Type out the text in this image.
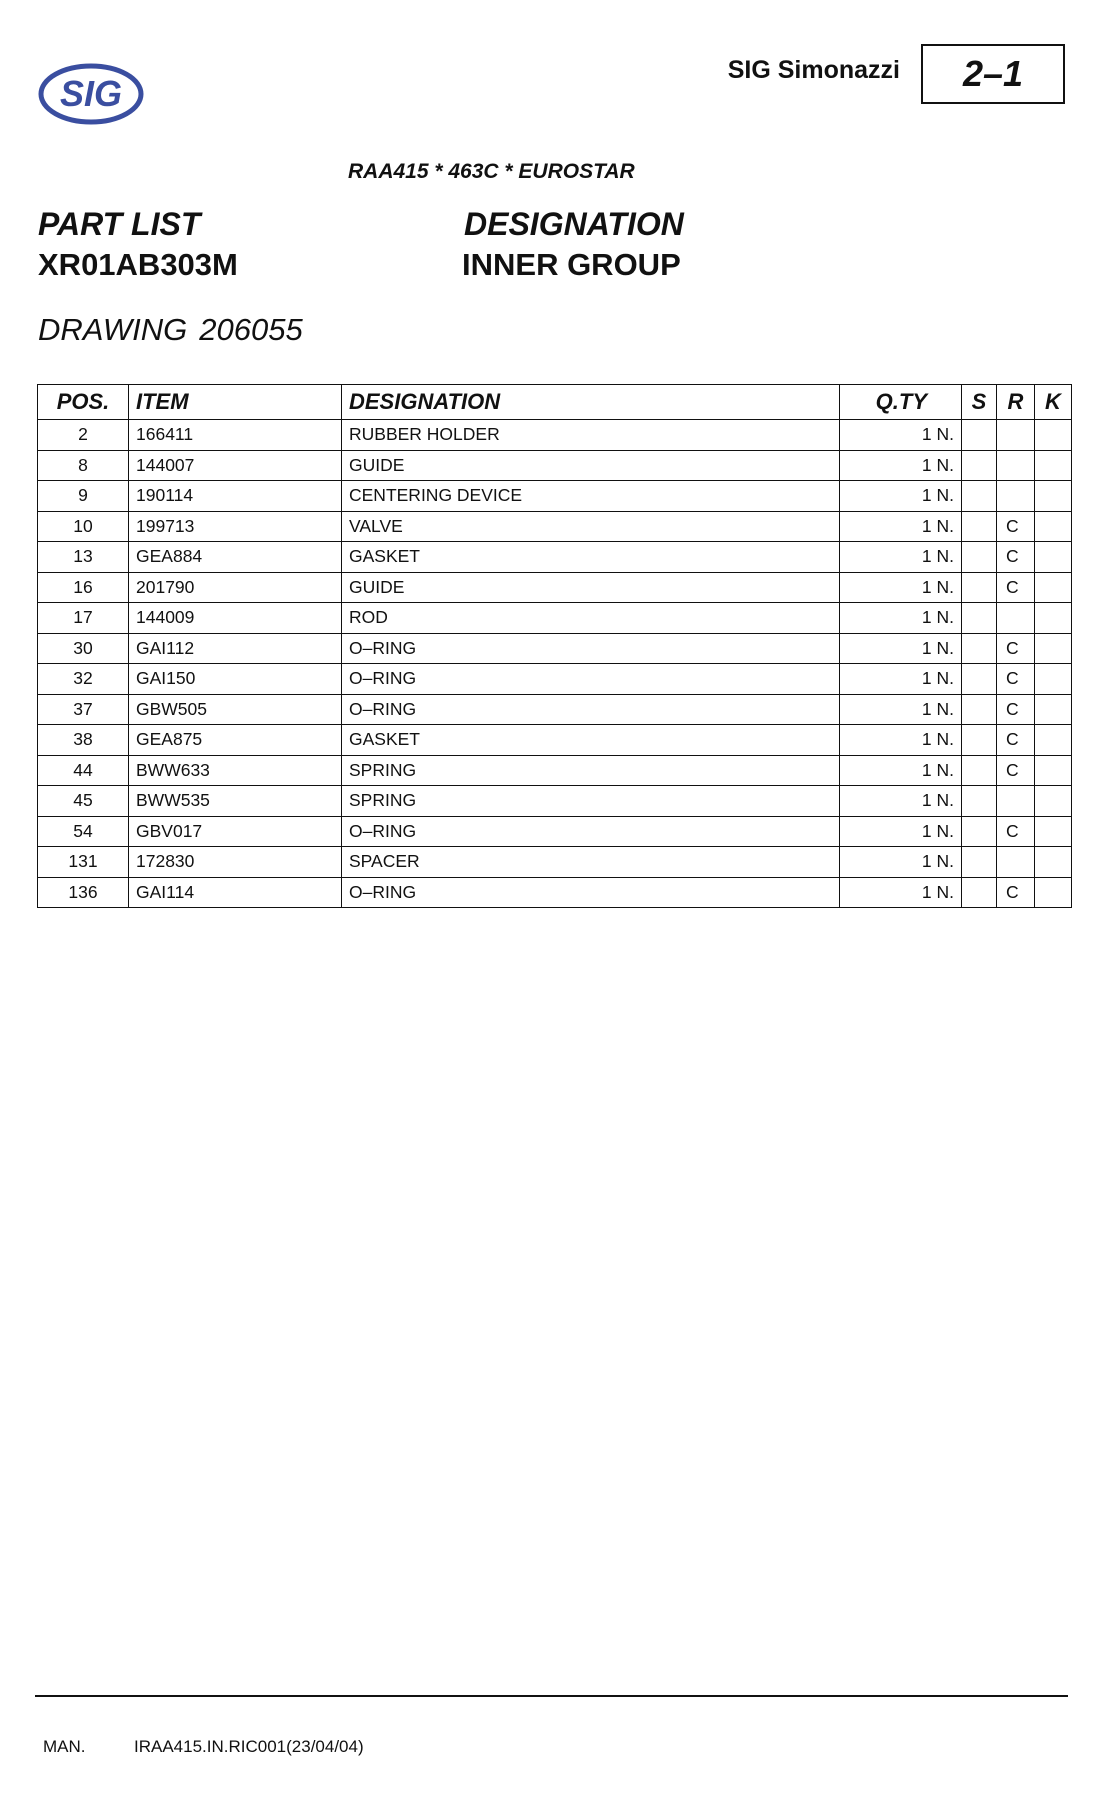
SIG
SIG Simonazzi	2–1
RAA415 * 463C * EUROSTAR
PART LIST	DESIGNATION
XR01AB303M	INNER GROUP
DRAWING 206055
POS.	ITEM	DESIGNATION	Q.TY	S	R	K
2	166411	RUBBER HOLDER	1 N.			
8	144007	GUIDE	1 N.			
9	190114	CENTERING DEVICE	1 N.			
10	199713	VALVE	1 N.		C	
13	GEA884	GASKET	1 N.		C	
16	201790	GUIDE	1 N.		C	
17	144009	ROD	1 N.			
30	GAI112	O–RING	1 N.		C	
32	GAI150	O–RING	1 N.		C	
37	GBW505	O–RING	1 N.		C	
38	GEA875	GASKET	1 N.		C	
44	BWW633	SPRING	1 N.		C	
45	BWW535	SPRING	1 N.			
54	GBV017	O–RING	1 N.		C	
131	172830	SPACER	1 N.			
136	GAI114	O–RING	1 N.		C	
MAN.	IRAA415.IN.RIC001(23/04/04)
